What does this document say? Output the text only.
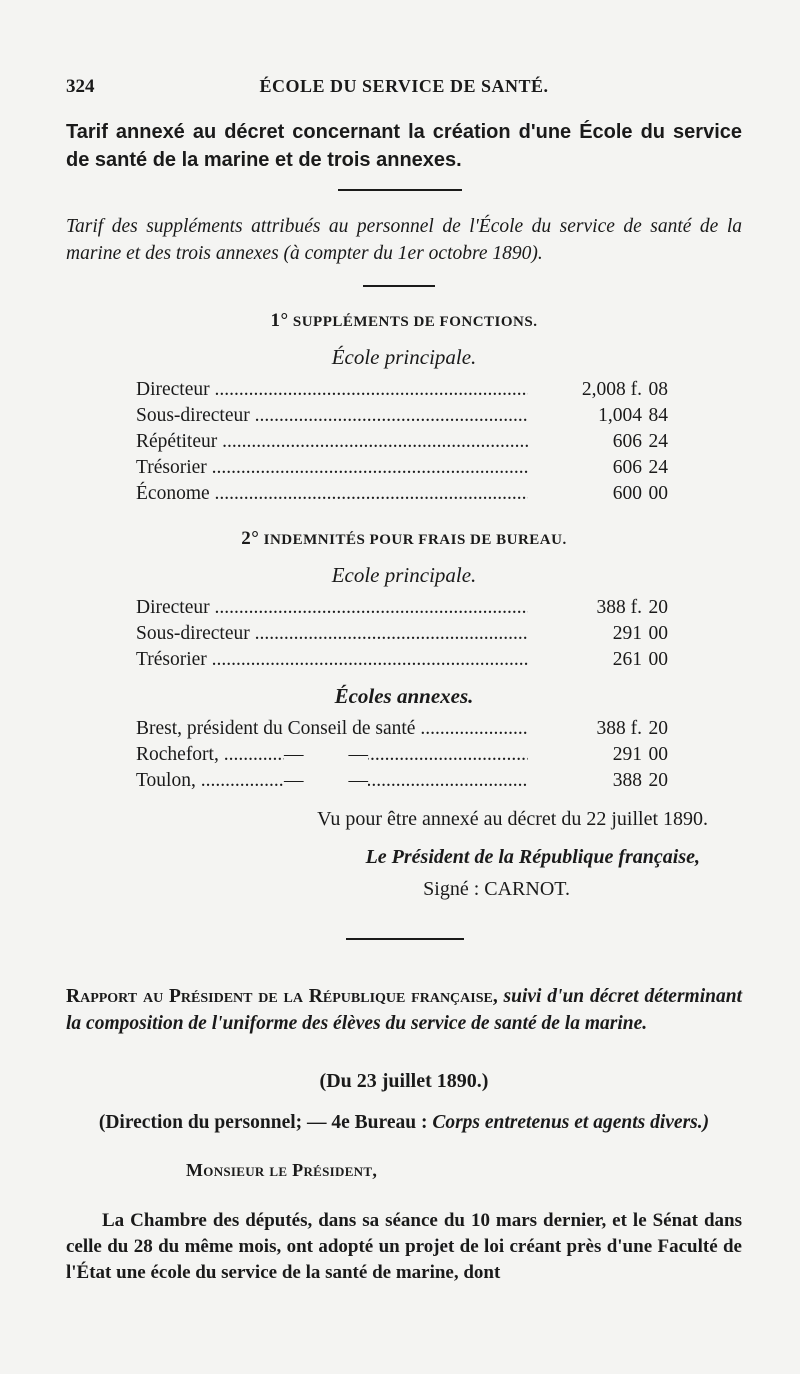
324	ÉCOLE DU SERVICE DE SANTÉ.
Tarif annexé au décret concernant la création d'une École du service de santé de la marine et de trois annexes.
Tarif des suppléments attribués au personnel de l'École du service de santé de la marine et des trois annexes (à compter du 1er octobre 1890).
1° SUPPLÉMENTS DE FONCTIONS.
École principale.
Directeur .....	2,008 f. 08
Sous-directeur .....	1,004 84
Répétiteur .....	606 24
Trésorier .....	606 24
Économe .....	600 00
2° INDEMNITÉS POUR FRAIS DE BUREAU.
Ecole principale.
Directeur .....	388 f. 20
Sous-directeur .....	291 00
Trésorier .....	261 00
Écoles annexes.
Brest, président du Conseil de santé .....	388 f. 20
Rochefort, .....	— —	291 00
Toulon, .....	— —	388 20
Vu pour être annexé au décret du 22 juillet 1890.
Le Président de la République française,
Signé : CARNOT.
Rapport au Président de la République française, suivi d'un décret déterminant la composition de l'uniforme des élèves du service de santé de la marine.
(Du 23 juillet 1890.)
(Direction du personnel; — 4e Bureau : Corps entretenus et agents divers.)
Monsieur le Président,
La Chambre des députés, dans sa séance du 10 mars dernier, et le Sénat dans celle du 28 du même mois, ont adopté un projet de loi créant près d'une Faculté de l'État une école du service de la santé de marine, dont
